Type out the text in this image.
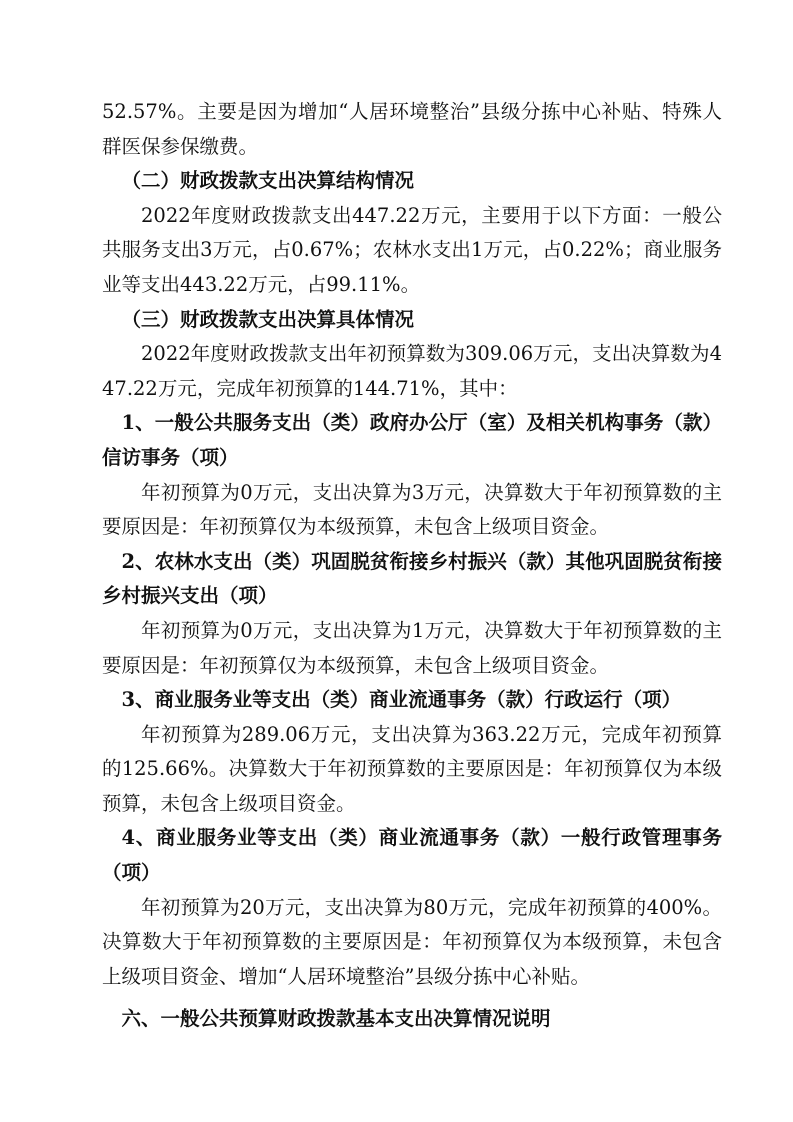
52.57%。主要是因为增加“人居环境整治”县级分拣中心补贴、特殊人群医保参保缴费。

（二）财政拨款支出决算结构情况

2022年度财政拨款支出447.22万元，主要用于以下方面：一般公共服务支出3万元，占0.67%；农林水支出1万元，占0.22%；商业服务业等支出443.22万元，占99.11%。

（三）财政拨款支出决算具体情况

2022年度财政拨款支出年初预算数为309.06万元，支出决算数为447.22万元，完成年初预算的144.71%，其中：

1、一般公共服务支出（类）政府办公厅（室）及相关机构事务（款）信访事务（项）

年初预算为0万元，支出决算为3万元，决算数大于年初预算数的主要原因是：年初预算仅为本级预算，未包含上级项目资金。

2、农林水支出（类）巩固脱贫衔接乡村振兴（款）其他巩固脱贫衔接乡村振兴支出（项）

年初预算为0万元，支出决算为1万元，决算数大于年初预算数的主要原因是：年初预算仅为本级预算，未包含上级项目资金。

3、商业服务业等支出（类）商业流通事务（款）行政运行（项）

年初预算为289.06万元，支出决算为363.22万元，完成年初预算的125.66%。决算数大于年初预算数的主要原因是：年初预算仅为本级预算，未包含上级项目资金。

4、商业服务业等支出（类）商业流通事务（款）一般行政管理事务（项）

年初预算为20万元，支出决算为80万元，完成年初预算的400%。决算数大于年初预算数的主要原因是：年初预算仅为本级预算，未包含上级项目资金、增加“人居环境整治”县级分拣中心补贴。

六、一般公共预算财政拨款基本支出决算情况说明
